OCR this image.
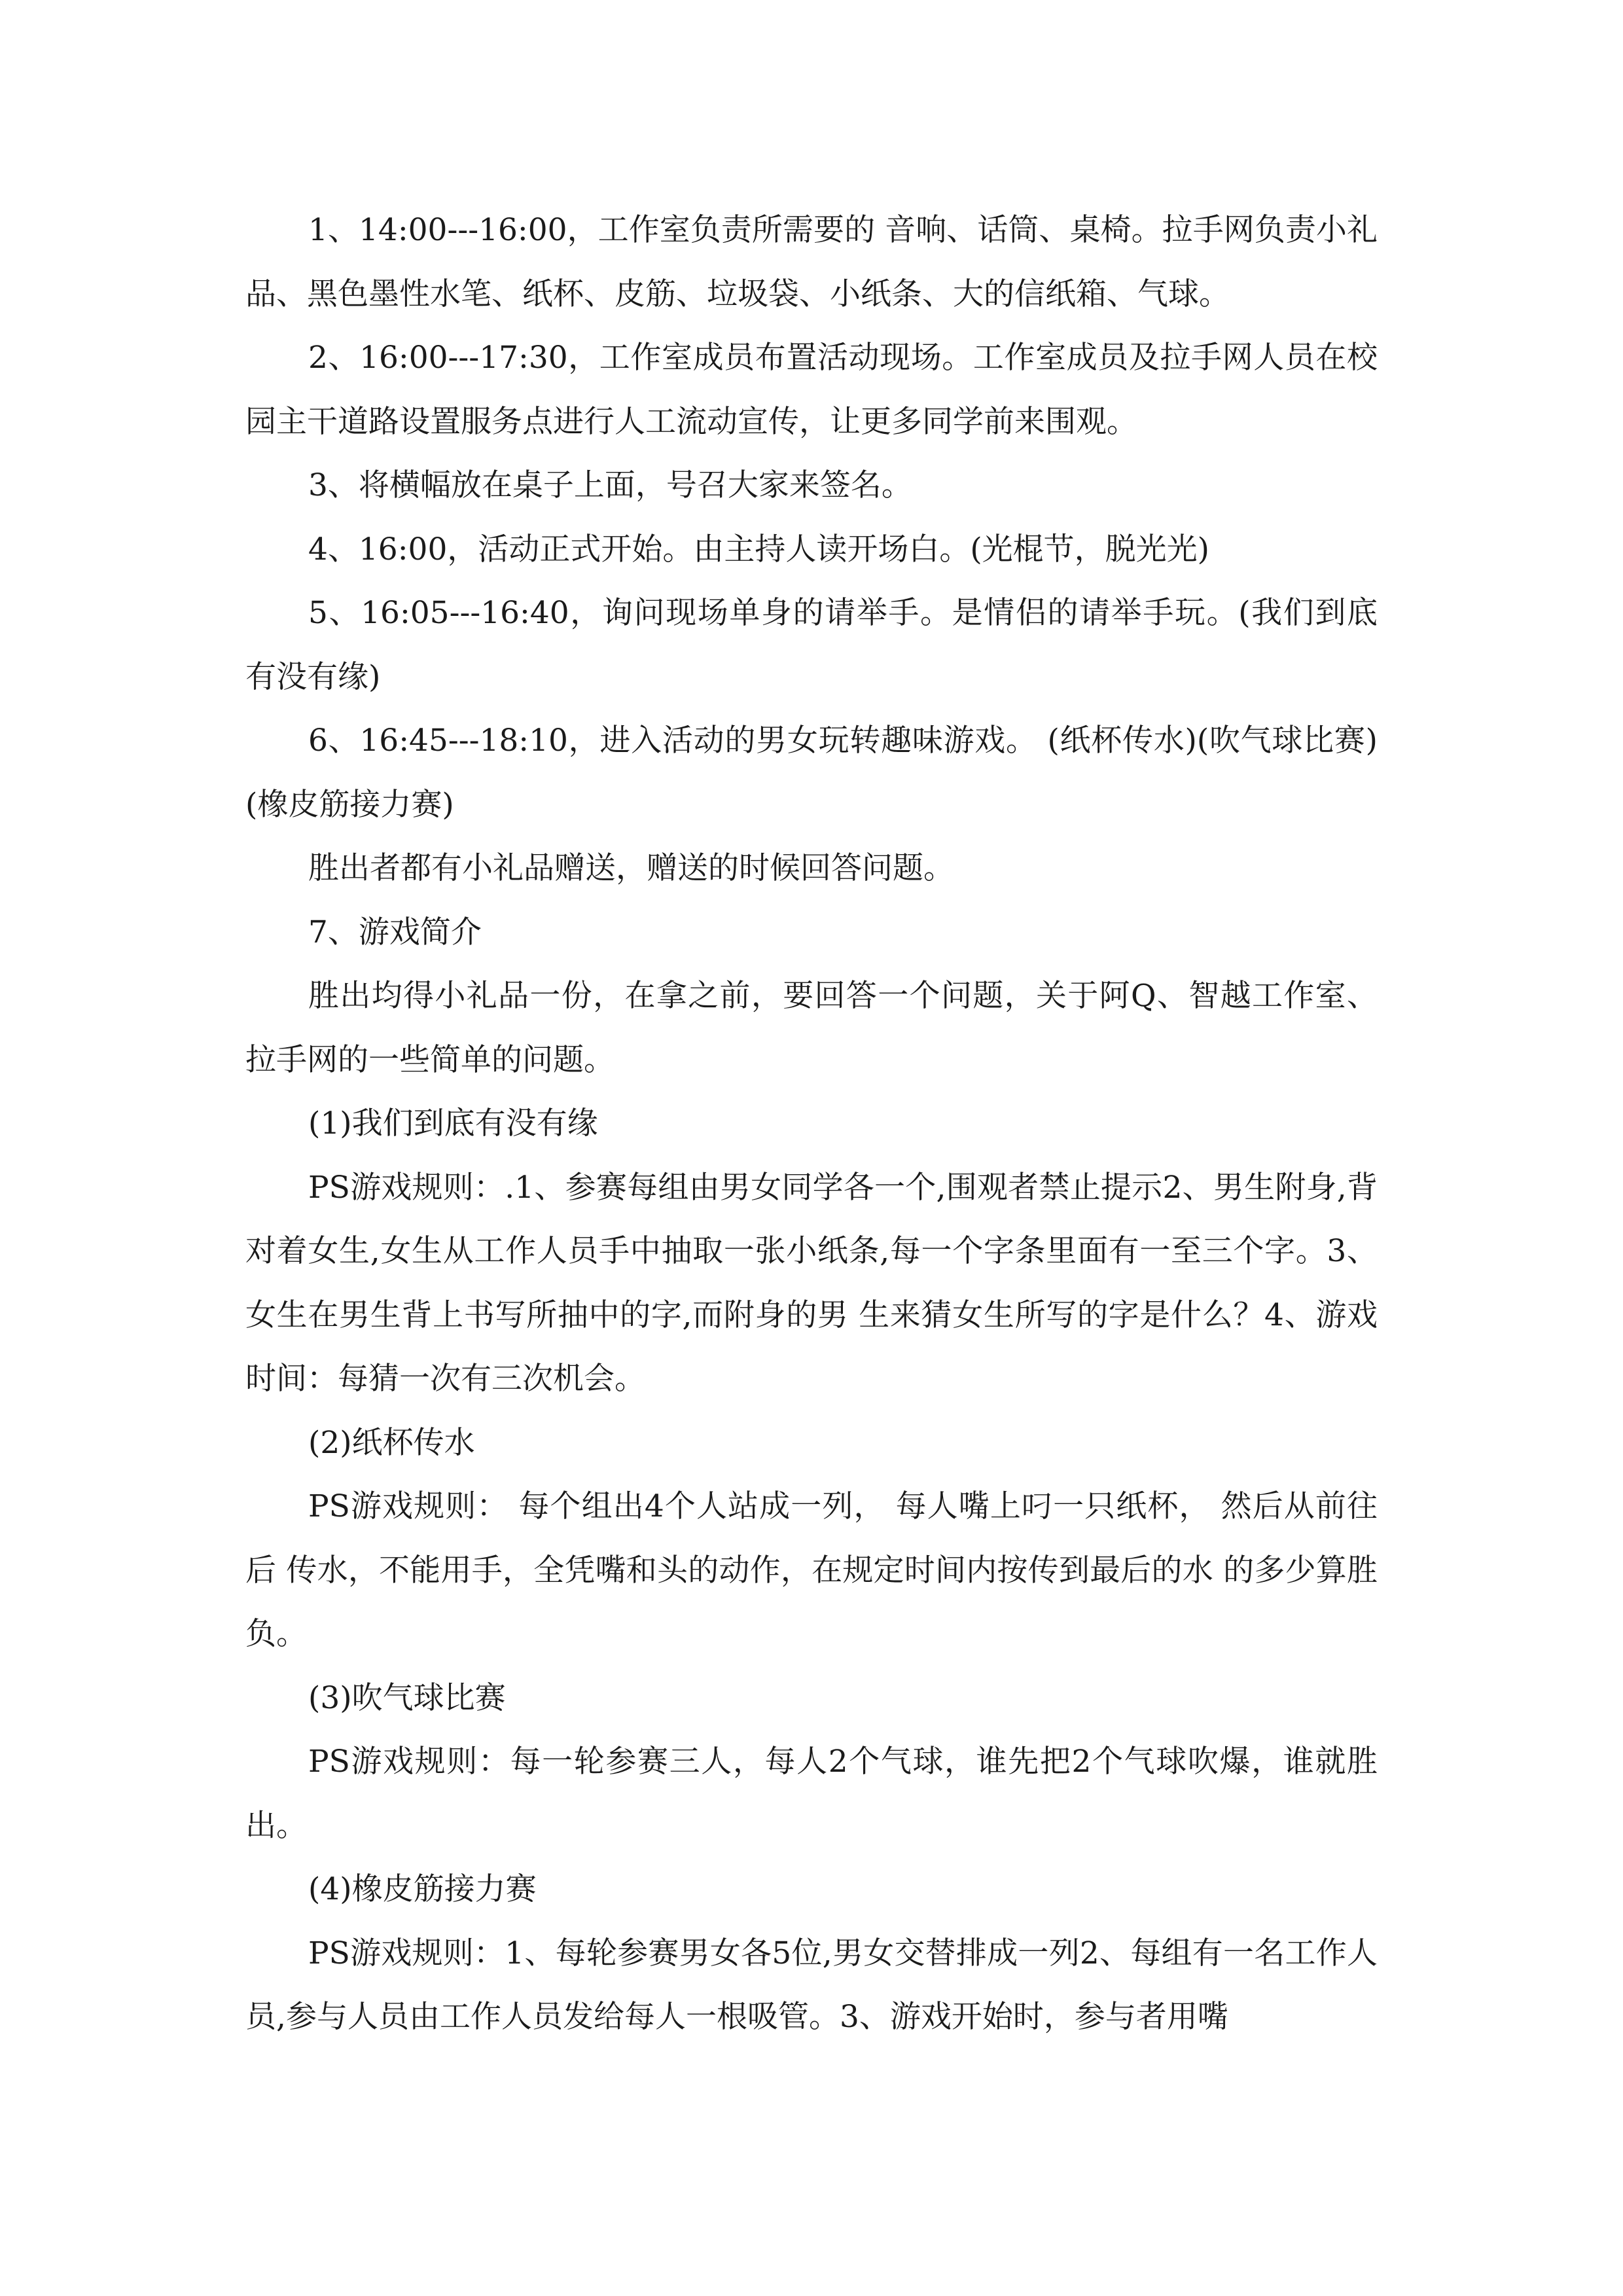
1、14:00---16:00，工作室负责所需要的 音响、话筒、桌椅。拉手网负责小礼品、黑色墨性水笔、纸杯、皮筋、垃圾袋、小纸条、大的信纸箱、气球。

2、16:00---17:30，工作室成员布置活动现场。工作室成员及拉手网人员在校园主干道路设置服务点进行人工流动宣传，让更多同学前来围观。

3、将横幅放在桌子上面，号召大家来签名。

4、16:00，活动正式开始。由主持人读开场白。(光棍节，脱光光)

5、16:05---16:40，询问现场单身的请举手。是情侣的请举手玩。(我们到底有没有缘)

6、16:45---18:10，进入活动的男女玩转趣味游戏。 (纸杯传水)(吹气球比赛)(橡皮筋接力赛)

胜出者都有小礼品赠送，赠送的时候回答问题。

7、游戏简介

胜出均得小礼品一份，在拿之前，要回答一个问题，关于阿Q、智越工作室、拉手网的一些简单的问题。

(1)我们到底有没有缘

PS游戏规则：.1、参赛每组由男女同学各一个,围观者禁止提示2、男生附身,背对着女生,女生从工作人员手中抽取一张小纸条,每一个字条里面有一至三个字。3、女生在男生背上书写所抽中的字,而附身的男 生来猜女生所写的字是什么？4、游戏时间：每猜一次有三次机会。

(2)纸杯传水

PS游戏规则： 每个组出4个人站成一列， 每人嘴上叼一只纸杯， 然后从前往后 传水，不能用手，全凭嘴和头的动作，在规定时间内按传到最后的水 的多少算胜负。

(3)吹气球比赛

PS游戏规则：每一轮参赛三人，每人2个气球，谁先把2个气球吹爆，谁就胜出。

(4)橡皮筋接力赛

PS游戏规则：1、每轮参赛男女各5位,男女交替排成一列2、每组有一名工作人员,参与人员由工作人员发给每人一根吸管。3、游戏开始时，参与者用嘴
